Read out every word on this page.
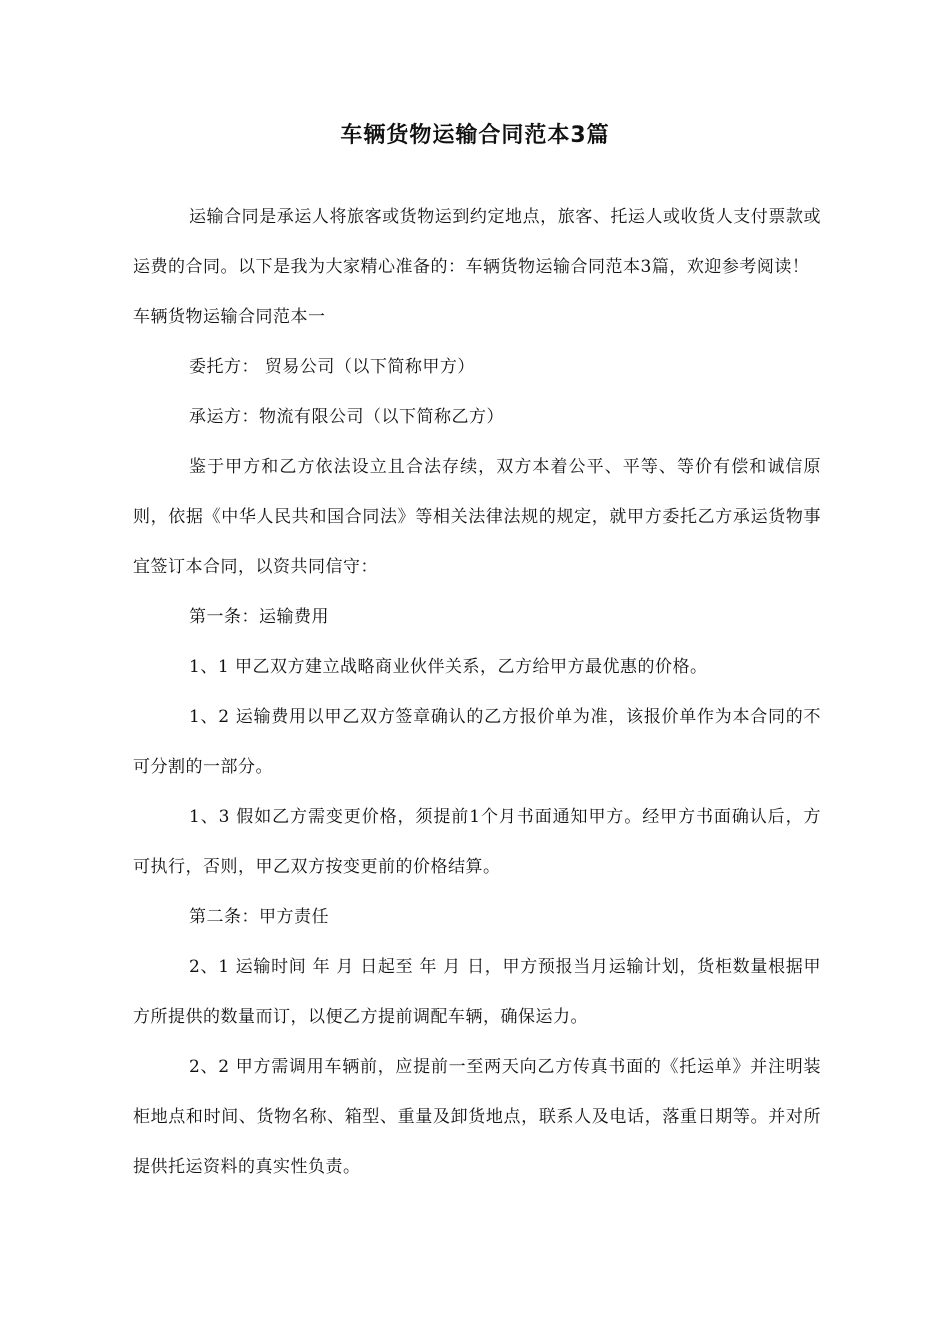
车辆货物运输合同范本3篇

运输合同是承运人将旅客或货物运到约定地点，旅客、托运人或收货人支付票款或运费的合同。以下是我为大家精心准备的：车辆货物运输合同范本3篇，欢迎参考阅读！

车辆货物运输合同范本一

委托方： 贸易公司（以下简称甲方）

承运方：物流有限公司（以下简称乙方）

鉴于甲方和乙方依法设立且合法存续，双方本着公平、平等、等价有偿和诚信原则，依据《中华人民共和国合同法》等相关法律法规的规定，就甲方委托乙方承运货物事宜签订本合同，以资共同信守：

第一条：运输费用

1、1 甲乙双方建立战略商业伙伴关系，乙方给甲方最优惠的价格。

1、2 运输费用以甲乙双方签章确认的乙方报价单为准，该报价单作为本合同的不可分割的一部分。

1、3 假如乙方需变更价格，须提前1个月书面通知甲方。经甲方书面确认后，方可执行，否则，甲乙双方按变更前的价格结算。

第二条：甲方责任

2、1 运输时间 年 月 日起至 年 月 日，甲方预报当月运输计划，货柜数量根据甲方所提供的数量而订，以便乙方提前调配车辆，确保运力。

2、2 甲方需调用车辆前，应提前一至两天向乙方传真书面的《托运单》并注明装柜地点和时间、货物名称、箱型、重量及卸货地点，联系人及电话，落重日期等。并对所提供托运资料的真实性负责。
